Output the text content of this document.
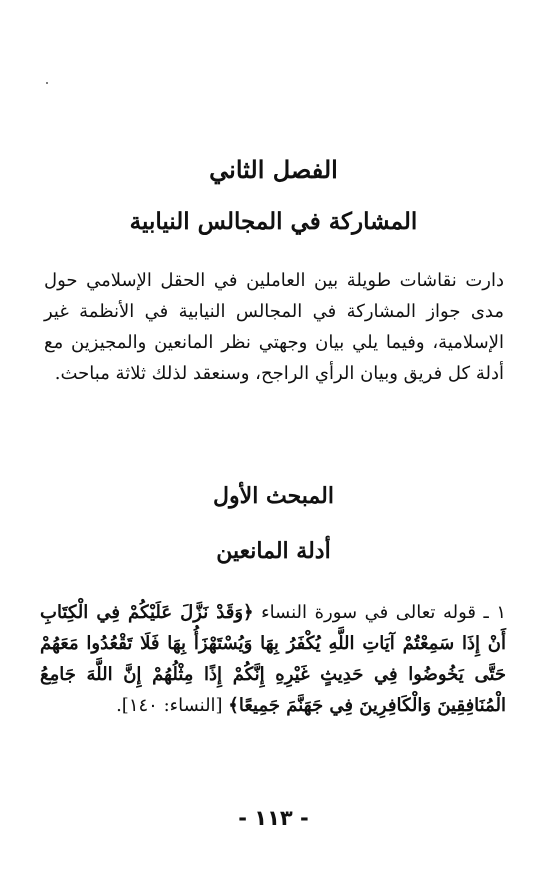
الفصل الثاني
المشاركة في المجالس النيابية

دارت نقاشات طويلة بين العاملين في الحقل الإسلامي حول مدى جواز المشاركة في المجالس النيابية في الأنظمة غير الإسلامية، وفيما يلي بيان وجهتي نظر المانعين والمجيزين مع أدلة كل فريق وبيان الرأي الراجح، وسنعقد لذلك ثلاثة مباحث.

المبحث الأول
أدلة المانعين

١ ـ قوله تعالى في سورة النساء ﴿وَقَدْ نَزَّلَ عَلَيْكُمْ فِي الْكِتَابِ أَنْ إِذَا سَمِعْتُمْ آيَاتِ اللَّهِ يُكْفَرُ بِهَا وَيُسْتَهْزَأُ بِهَا فَلَا تَقْعُدُوا مَعَهُمْ حَتَّى يَخُوضُوا فِي حَدِيثٍ غَيْرِهِ إِنَّكُمْ إِذًا مِثْلُهُمْ إِنَّ اللَّهَ جَامِعُ الْمُنَافِقِينَ وَالْكَافِرِينَ فِي جَهَنَّمَ جَمِيعًا﴾ [النساء: ١٤٠].

- ١١٣ -
